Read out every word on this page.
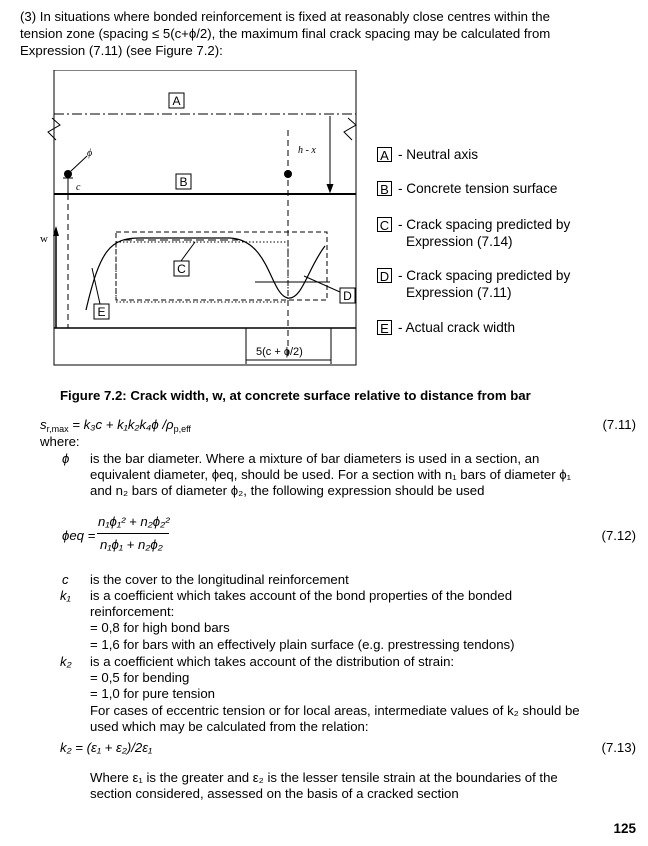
(3) In situations where bonded reinforcement is fixed at reasonably close centres within the
tension zone (spacing ≤ 5(c+ϕ/2), the maximum final crack spacing may be calculated from
Expression (7.11) (see Figure 7.2):
A
B
ϕ
c
h - x
w
C
D
E
5(c + ϕ/2)
A - Neutral axis
B - Concrete tension surface
C - Crack spacing predicted by
Expression (7.14)
D - Crack spacing predicted by
Expression (7.11)
E - Actual crack width
Figure 7.2: Crack width, w, at concrete surface relative to distance from bar
$s_{r,max} = k_3c + k_1k_2k_4\phi$ $/\rho_{p,eff}$	(7.11)
where:
ϕ is the bar diameter. Where a mixture of bar diameters is used in a section, an
equivalent diameter, ϕeq, should be used. For a section with n₁ bars of diameter ϕ₁
and n₂ bars of diameter ϕ₂, the following expression should be used
ϕeq =
n₁ϕ₁² + n₂ϕ₂²
n₁ϕ₁ + n₂ϕ₂
(7.12)
c is the cover to the longitudinal reinforcement
k₁ is a coefficient which takes account of the bond properties of the bonded
reinforcement:
= 0,8 for high bond bars
= 1,6 for bars with an effectively plain surface (e.g. prestressing tendons)
k₂ is a coefficient which takes account of the distribution of strain:
= 0,5 for bending
= 1,0 for pure tension
For cases of eccentric tension or for local areas, intermediate values of k₂ should be
used which may be calculated from the relation:
k₂ = (ε₁ + ε₂)/2ε₁	(7.13)
Where ε₁ is the greater and ε₂ is the lesser tensile strain at the boundaries of the
section considered, assessed on the basis of a cracked section
125
